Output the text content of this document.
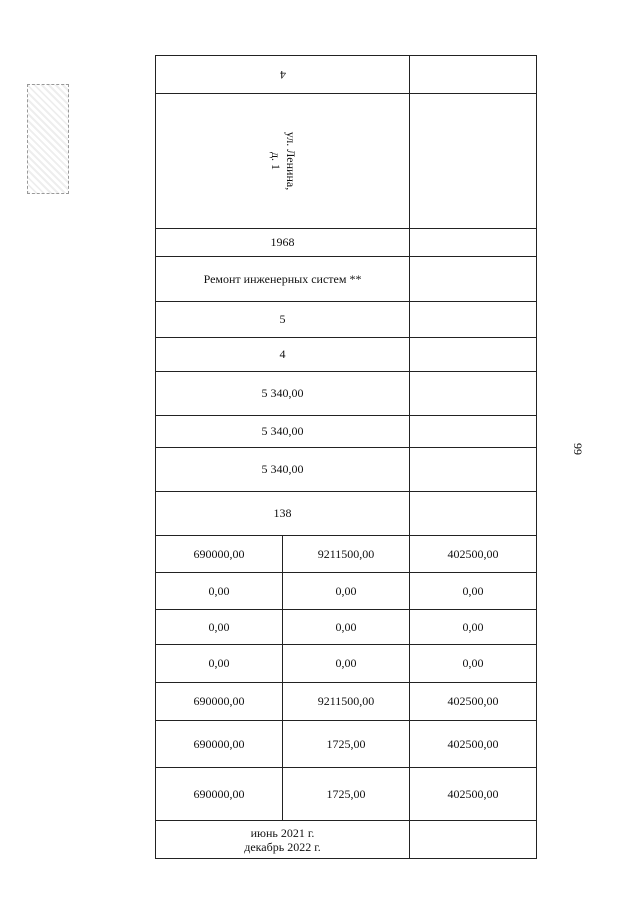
99
4		

ул. Ленина,
д. 1		

1968		
Ремонт инженерных систем **		
5		
4		
5 340,00		
5 340,00		
5 340,00		
138		
690000,00	9211500,00	402500,00
0,00	0,00	0,00
0,00	0,00	0,00
0,00	0,00	0,00
690000,00	9211500,00	402500,00
690000,00	1725,00	402500,00
690000,00	1725,00	402500,00

июнь 2021 г.
декабрь 2022 г.		
